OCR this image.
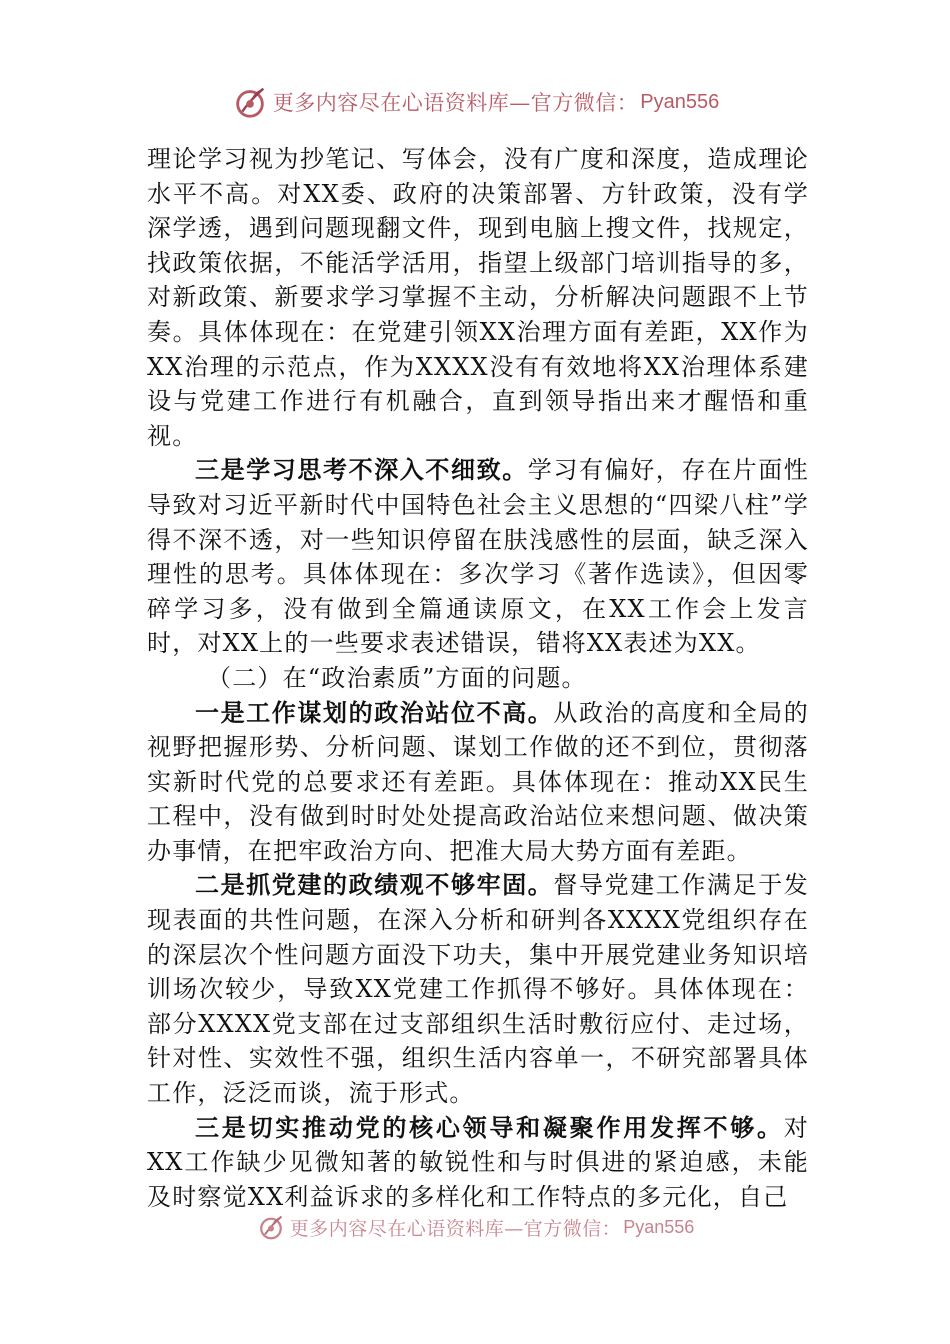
更多内容尽在心语资料库—官方微信： Pyan556

理论学习视为抄笔记、写体会，没有广度和深度，造成理论水平不高。对XX委、政府的决策部署、方针政策，没有学深学透，遇到问题现翻文件，现到电脑上搜文件，找规定，找政策依据，不能活学活用，指望上级部门培训指导的多，对新政策、新要求学习掌握不主动，分析解决问题跟不上节奏。具体体现在：在党建引领XX治理方面有差距，XX作为XX治理的示范点，作为XXXX没有有效地将XX治理体系建设与党建工作进行有机融合，直到领导指出来才醒悟和重视。

三是学习思考不深入不细致。学习有偏好，存在片面性导致对习近平新时代中国特色社会主义思想的“四梁八柱”学得不深不透，对一些知识停留在肤浅感性的层面，缺乏深入理性的思考。具体体现在：多次学习《著作选读》，但因零碎学习多，没有做到全篇通读原文，在XX工作会上发言时，对XX上的一些要求表述错误，错将XX表述为XX。

（二）在“政治素质”方面的问题。

一是工作谋划的政治站位不高。从政治的高度和全局的视野把握形势、分析问题、谋划工作做的还不到位，贯彻落实新时代党的总要求还有差距。具体体现在：推动XX民生工程中，没有做到时时处处提高政治站位来想问题、做决策办事情，在把牢政治方向、把准大局大势方面有差距。

二是抓党建的政绩观不够牢固。督导党建工作满足于发现表面的共性问题，在深入分析和研判各XXXX党组织存在的深层次个性问题方面没下功夫，集中开展党建业务知识培训场次较少，导致XX党建工作抓得不够好。具体体现在：部分XXXX党支部在过支部组织生活时敷衍应付、走过场，针对性、实效性不强，组织生活内容单一，不研究部署具体工作，泛泛而谈，流于形式。

三是切实推动党的核心领导和凝聚作用发挥不够。对XX工作缺少见微知著的敏锐性和与时俱进的紧迫感，未能及时察觉XX利益诉求的多样化和工作特点的多元化，自己

更多内容尽在心语资料库—官方微信： Pyan556
